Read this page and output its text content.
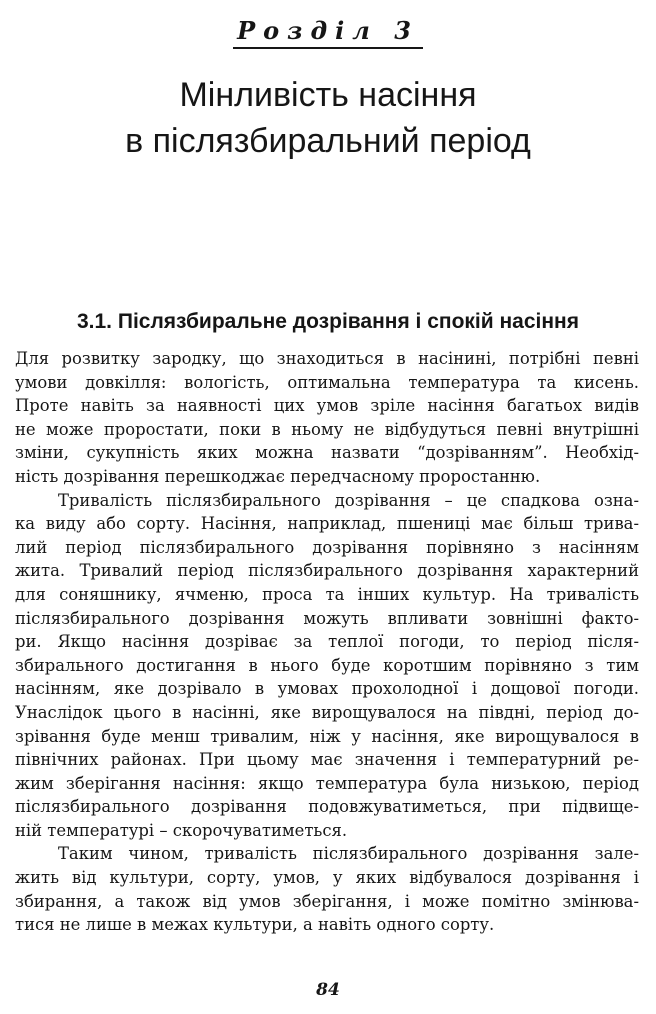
Розділ 3
Мінливість насіння
в післязбиральний період
3.1. Післязбиральне дозрівання і спокій насіння
Для розвитку зародку, що знаходиться в насінині, потрібні певні
умови довкілля: вологість, оптимальна температура та кисень.
Проте навіть за наявності цих умов зріле насіння багатьох видів
не може проростати, поки в ньому не відбудуться певні внутрішні
зміни, сукупність яких можна назвати “дозріванням”. Необхід-
ність дозрівання перешкоджає передчасному проростанню.
Тривалість післязбирального дозрівання – це спадкова озна-
ка виду або сорту. Насіння, наприклад, пшениці має більш трива-
лий період післязбирального дозрівання порівняно з насінням
жита. Тривалий період післязбирального дозрівання характерний
для соняшнику, ячменю, проса та інших культур. На тривалість
післязбирального дозрівання можуть впливати зовнішні факто-
ри. Якщо насіння дозріває за теплої погоди, то період після-
збирального достигання в нього буде коротшим порівняно з тим
насінням, яке дозрівало в умовах прохолодної і дощової погоди.
Унаслідок цього в насінні, яке вирощувалося на півдні, період до-
зрівання буде менш тривалим, ніж у насіння, яке вирощувалося в
північних районах. При цьому має значення і температурний ре-
жим зберігання насіння: якщо температура була низькою, період
післязбирального дозрівання подовжуватиметься, при підвище-
ній температурі – скорочуватиметься.
Таким чином, тривалість післязбирального дозрівання зале-
жить від культури, сорту, умов, у яких відбувалося дозрівання і
збирання, а також від умов зберігання, і може помітно змінюва-
тися не лише в межах культури, а навіть одного сорту.
84
